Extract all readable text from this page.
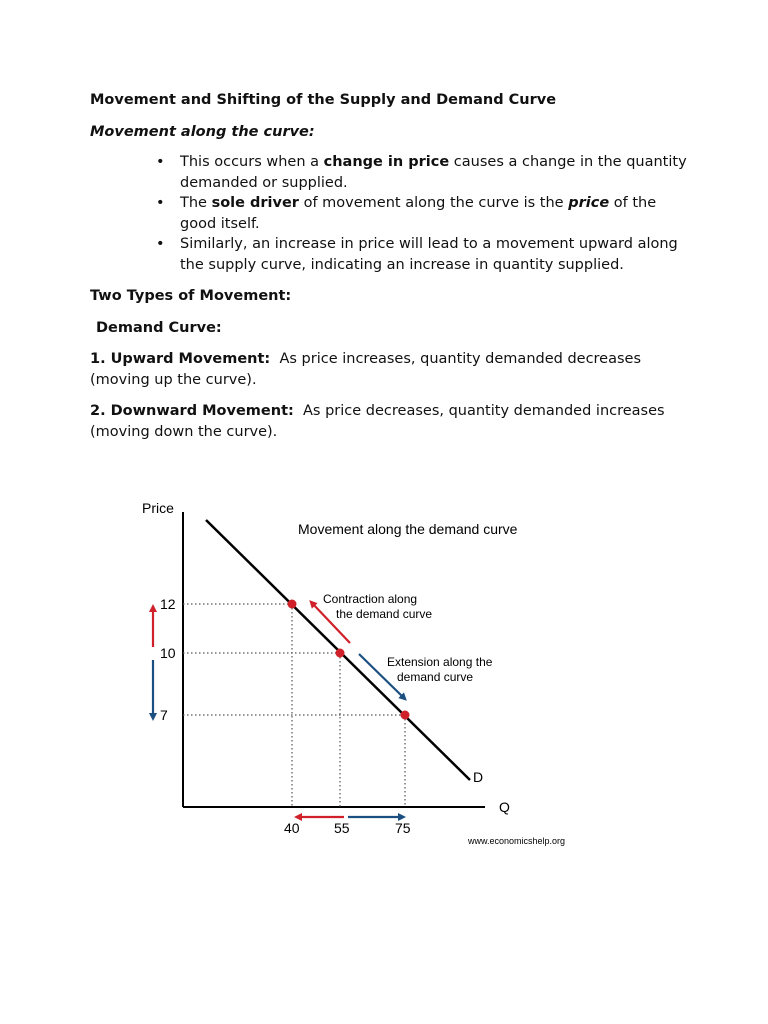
Movement and Shifting of the Supply and Demand Curve
Movement along the curve:
• This occurs when a change in price causes a change in the quantity demanded or supplied.
• The sole driver of movement along the curve is the price of the good itself.
• Similarly, an increase in price will lead to a movement upward along the supply curve, indicating an increase in quantity supplied.
Two Types of Movement:
Demand Curve:
1. Upward Movement: As price increases, quantity demanded decreases (moving up the curve).
2. Downward Movement: As price decreases, quantity demanded increases (moving down the curve).
Price
Q
D
Movement along the demand curve
12
10
7
40 55	75
Contraction along
the demand curve
Extension along the
demand curve
www.economicshelp.org
